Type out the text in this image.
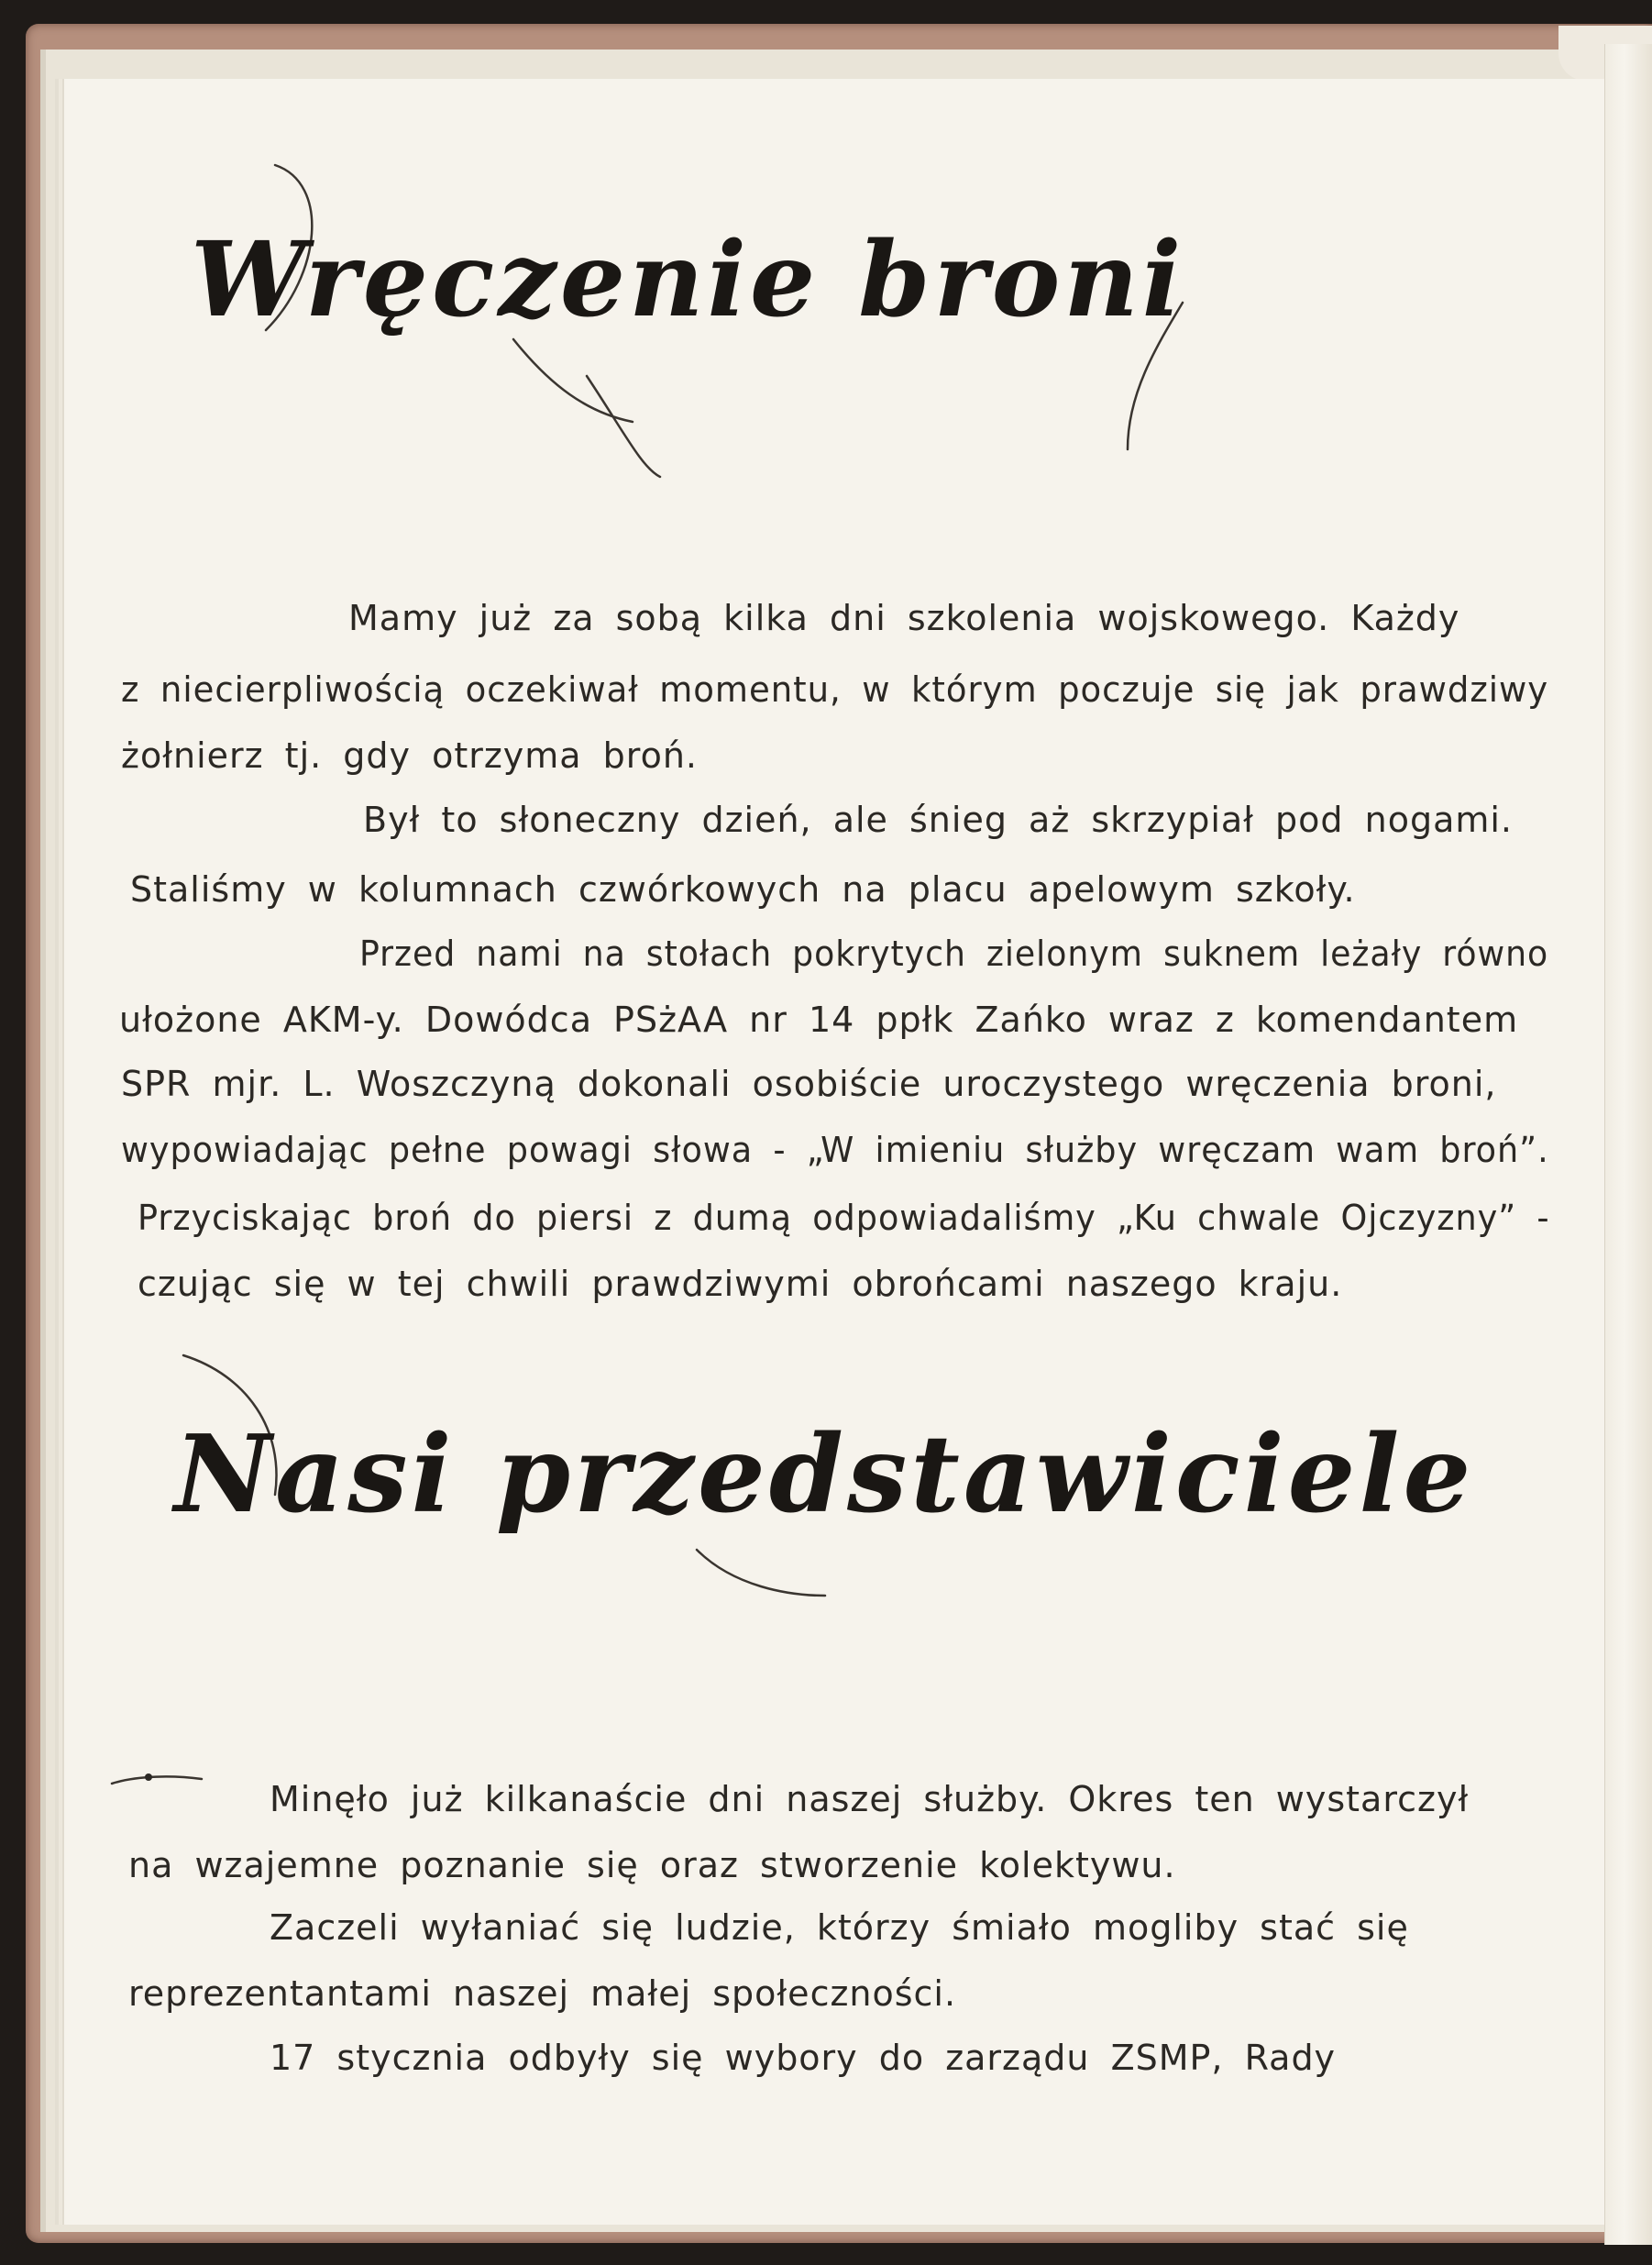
Wręczenie broni

Mamy już za sobą kilka dni szkolenia wojskowego. Każdy

z niecierpliwością oczekiwał momentu, w którym poczuje się jak prawdziwy

żołnierz tj. gdy otrzyma broń.

Był to słoneczny dzień, ale śnieg aż skrzypiał pod nogami.

Staliśmy w kolumnach czwórkowych na placu apelowym szkoły.

Przed nami na stołach pokrytych zielonym suknem leżały równo

ułożone AKM-y. Dowódca PSżAA nr 14 ppłk Zańko wraz z komendantem

SPR mjr. L. Woszczyną dokonali osobiście uroczystego wręczenia broni,

wypowiadając pełne powagi słowa - „W imieniu służby wręczam wam broń”.

Przyciskając broń do piersi z dumą odpowiadaliśmy „Ku chwale Ojczyzny” -

czując się w tej chwili prawdziwymi obrońcami naszego kraju.

Nasi przedstawiciele

Minęło już kilkanaście dni naszej służby. Okres ten wystarczył

na wzajemne poznanie się oraz stworzenie kolektywu.

Zaczeli wyłaniać się ludzie, którzy śmiało mogliby stać się

reprezentantami naszej małej społeczności.

17 stycznia odbyły się wybory do zarządu ZSMP, Rady
